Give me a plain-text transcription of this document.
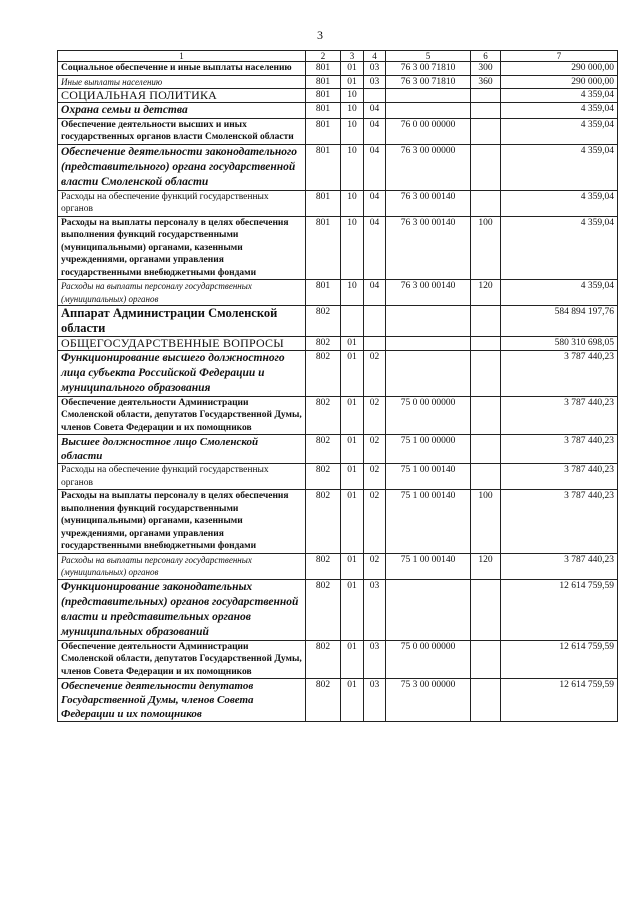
3
1	2	3	4	5	6	7
Социальное обеспечение и иные выплаты населению	801	01	03	76 3 00 71810	300	290 000,00
Иные выплаты населению	801	01	03	76 3 00 71810	360	290 000,00
СОЦИАЛЬНАЯ ПОЛИТИКА	801	10				4 359,04
Охрана семьи и детства	801	10	04			4 359,04
Обеспечение деятельности высших и иных государственных органов власти Смоленской области	801	10	04	76 0 00 00000		4 359,04
Обеспечение деятельности законодательного (представительного) органа государственной власти Смоленской области	801	10	04	76 3 00 00000		4 359,04
Расходы на обеспечение функций государственных органов	801	10	04	76 3 00 00140		4 359,04
Расходы на выплаты персоналу в целях обеспечения выполнения функций государственными (муниципальными) органами, казенными учреждениями, органами управления государственными внебюджетными фондами	801	10	04	76 3 00 00140	100	4 359,04
Расходы на выплаты персоналу государственных (муниципальных) органов	801	10	04	76 3 00 00140	120	4 359,04
Аппарат Администрации Смоленской области	802					584 894 197,76
ОБЩЕГОСУДАРСТВЕННЫЕ ВОПРОСЫ	802	01				580 310 698,05
Функционирование высшего должностного лица субъекта Российской Федерации и муниципального образования	802	01	02			3 787 440,23
Обеспечение деятельности Администрации Смоленской области, депутатов Государственной Думы, членов Совета Федерации и их помощников	802	01	02	75 0 00 00000		3 787 440,23
Высшее должностное лицо Смоленской области	802	01	02	75 1 00 00000		3 787 440,23
Расходы на обеспечение функций государственных органов	802	01	02	75 1 00 00140		3 787 440,23
Расходы на выплаты персоналу в целях обеспечения выполнения функций государственными (муниципальными) органами, казенными учреждениями, органами управления государственными внебюджетными фондами	802	01	02	75 1 00 00140	100	3 787 440,23
Расходы на выплаты персоналу государственных (муниципальных) органов	802	01	02	75 1 00 00140	120	3 787 440,23
Функционирование законодательных (представительных) органов государственной власти и представительных органов муниципальных образований	802	01	03			12 614 759,59
Обеспечение деятельности Администрации Смоленской области, депутатов Государственной Думы, членов Совета Федерации и их помощников	802	01	03	75 0 00 00000		12 614 759,59
Обеспечение деятельности депутатов Государственной Думы, членов Совета Федерации и их помощников	802	01	03	75 3 00 00000		12 614 759,59
